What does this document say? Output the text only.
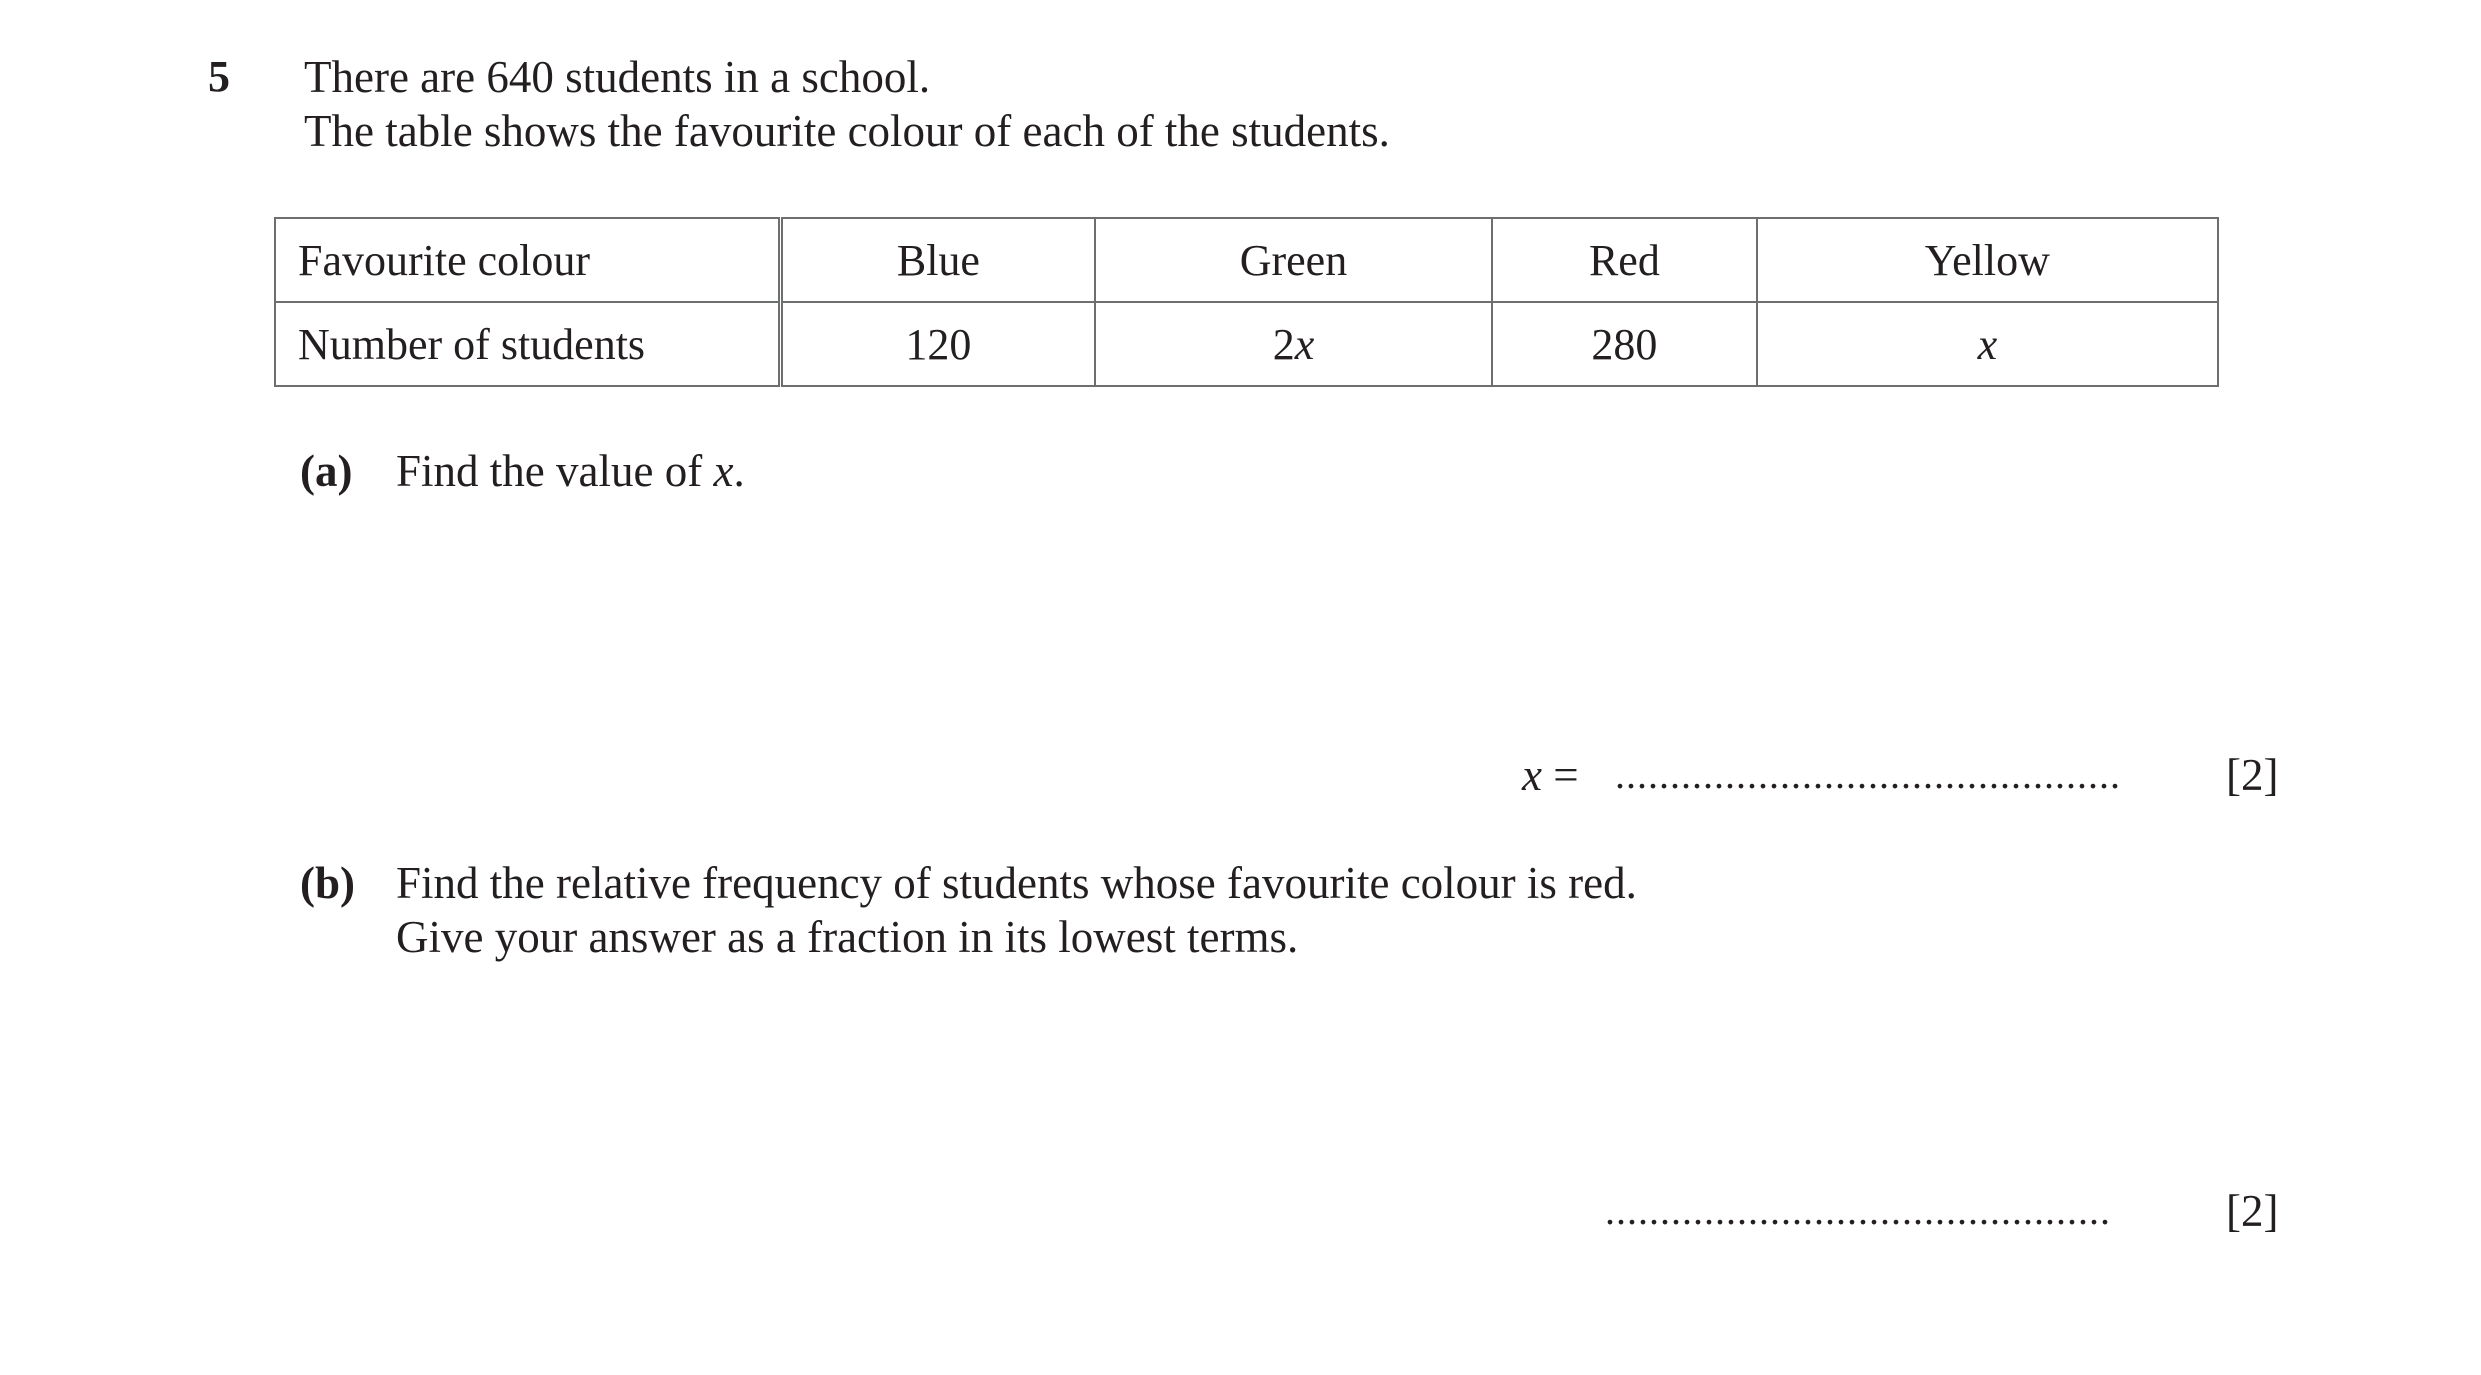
5 There are 640 students in a school.
The table shows the favourite colour of each of the students.
Favourite colour	Blue	Green	Red	Yellow
Number of students	120	2x	280	x
(a) Find the value of x.
x = ..............................................	[2]
(b) Find the relative frequency of students whose favourite colour is red.
Give your answer as a fraction in its lowest terms.
..............................................	[2]
